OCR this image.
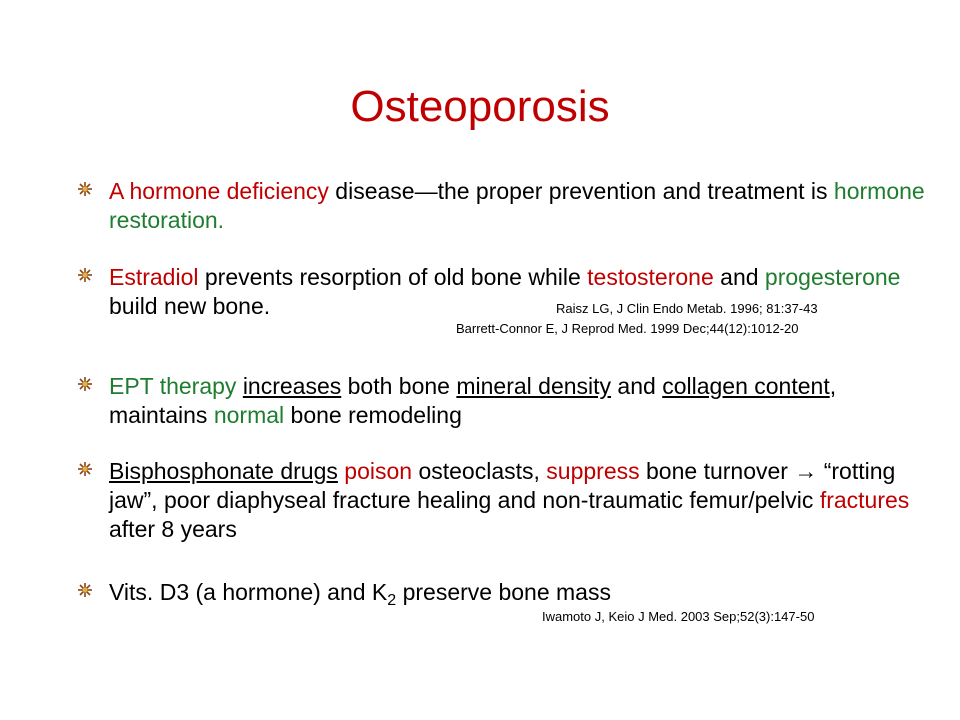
Osteoporosis
A hormone deficiency disease—the proper prevention and treatment is hormone restoration.
Estradiol prevents resorption of old bone while testosterone and progesterone build new bone.	Raisz LG, J Clin Endo Metab. 1996; 81:37-43
Barrett-Connor E, J Reprod Med. 1999 Dec;44(12):1012-20
EPT therapy increases both bone mineral density and collagen content, maintains normal bone remodeling
Bisphosphonate drugs poison osteoclasts, suppress bone turnover → “rotting jaw”, poor diaphyseal fracture healing and non-traumatic femur/pelvic fractures after 8 years
Vits. D3 (a hormone) and $K_2$ preserve bone mass
Iwamoto J, Keio J Med. 2003 Sep;52(3):147-50
